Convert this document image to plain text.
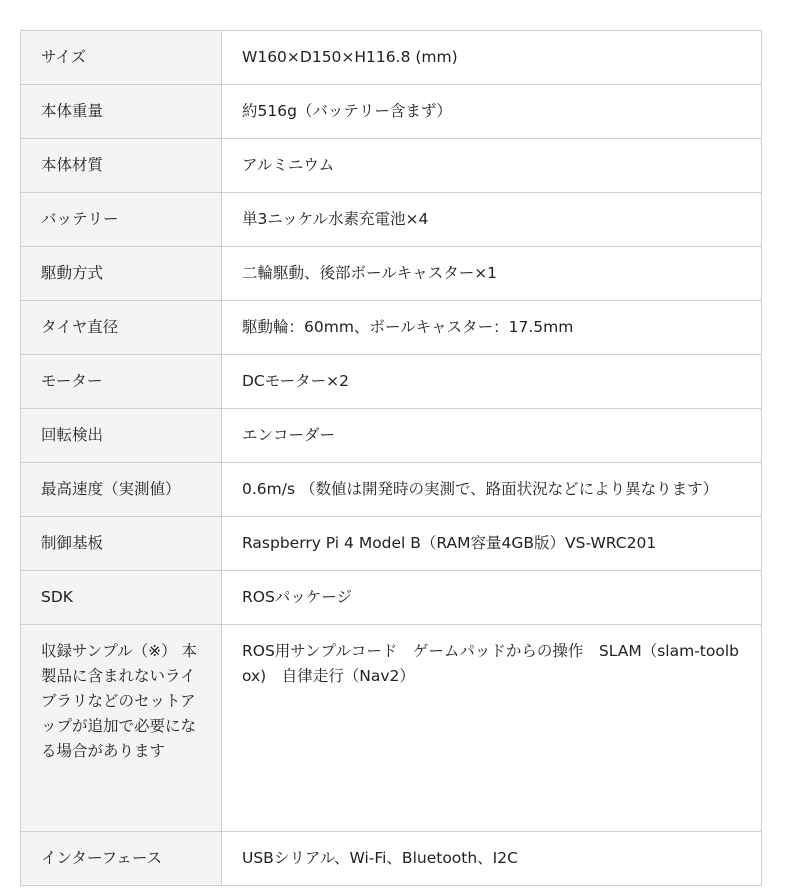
サイズ	W160×D150×H116.8 (mm)

本体重量	約516g（バッテリー含まず）

本体材質	アルミニウム

バッテリー	単3ニッケル水素充電池×4

駆動方式	二輪駆動、後部ボールキャスター×1

タイヤ直径	駆動輪：60mm、ボールキャスター：17.5mm

モーター	DCモーター×2

回転検出	エンコーダー

最高速度（実測値）	0.6m/s （数値は開発時の実測で、路面状況などにより異なります）

制御基板	Raspberry Pi 4 Model B（RAM容量4GB版）VS-WRC201

SDK	ROSパッケージ

収録サンプル（※） 本製品に含まれないライブラリなどのセットアップが追加で必要になる場合があります	ROS用サンプルコード　ゲームパッドからの操作　SLAM（slam-toolbox)　自律走行（Nav2）

インターフェース	USBシリアル、Wi-Fi、Bluetooth、I2C
